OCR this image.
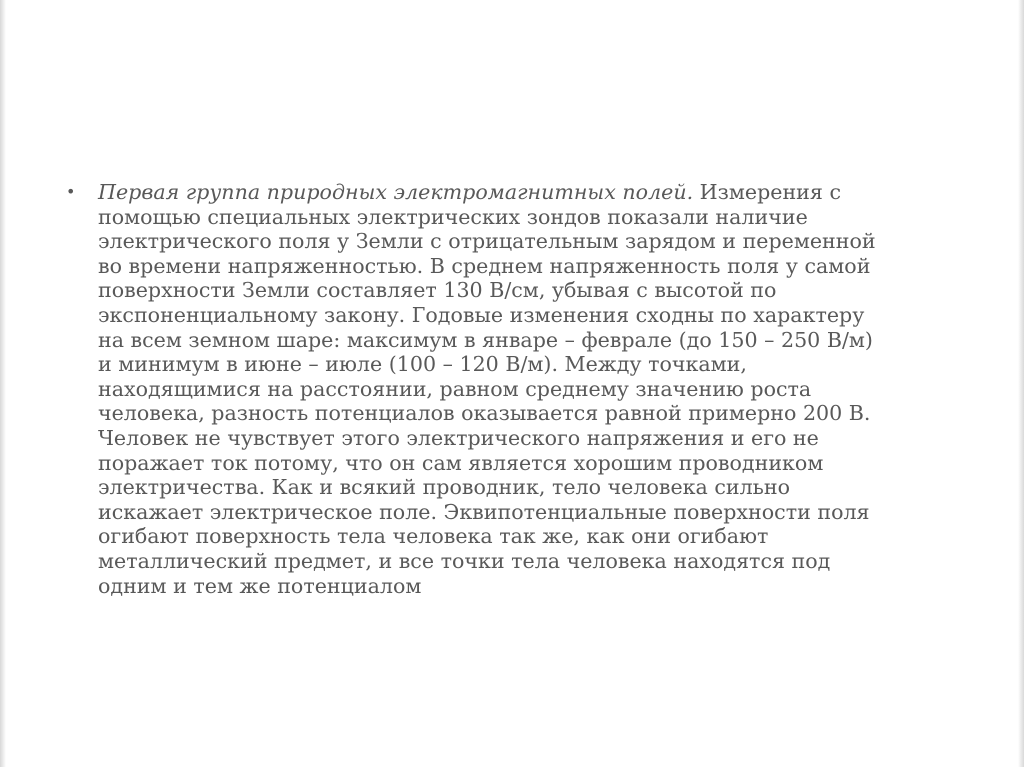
• Первая группа природных электромагнитных полей. Измерения с
помощью специальных электрических зондов показали наличие
электрического поля у Земли с отрицательным зарядом и переменной
во времени напряженностью. В среднем напряженность поля у самой
поверхности Земли составляет 130 В/см, убывая с высотой по
экспоненциальному закону. Годовые изменения сходны по характеру
на всем земном шаре: максимум в январе – феврале (до 150 – 250 В/м)
и минимум в июне – июле (100 – 120 В/м). Между точками,
находящимися на расстоянии, равном среднему значению роста
человека, разность потенциалов оказывается равной примерно 200 В.
Человек не чувствует этого электрического напряжения и его не
поражает ток потому, что он сам является хорошим проводником
электричества. Как и всякий проводник, тело человека сильно
искажает электрическое поле. Эквипотенциальные поверхности поля
огибают поверхность тела человека так же, как они огибают
металлический предмет, и все точки тела человека находятся под
одним и тем же потенциалом
